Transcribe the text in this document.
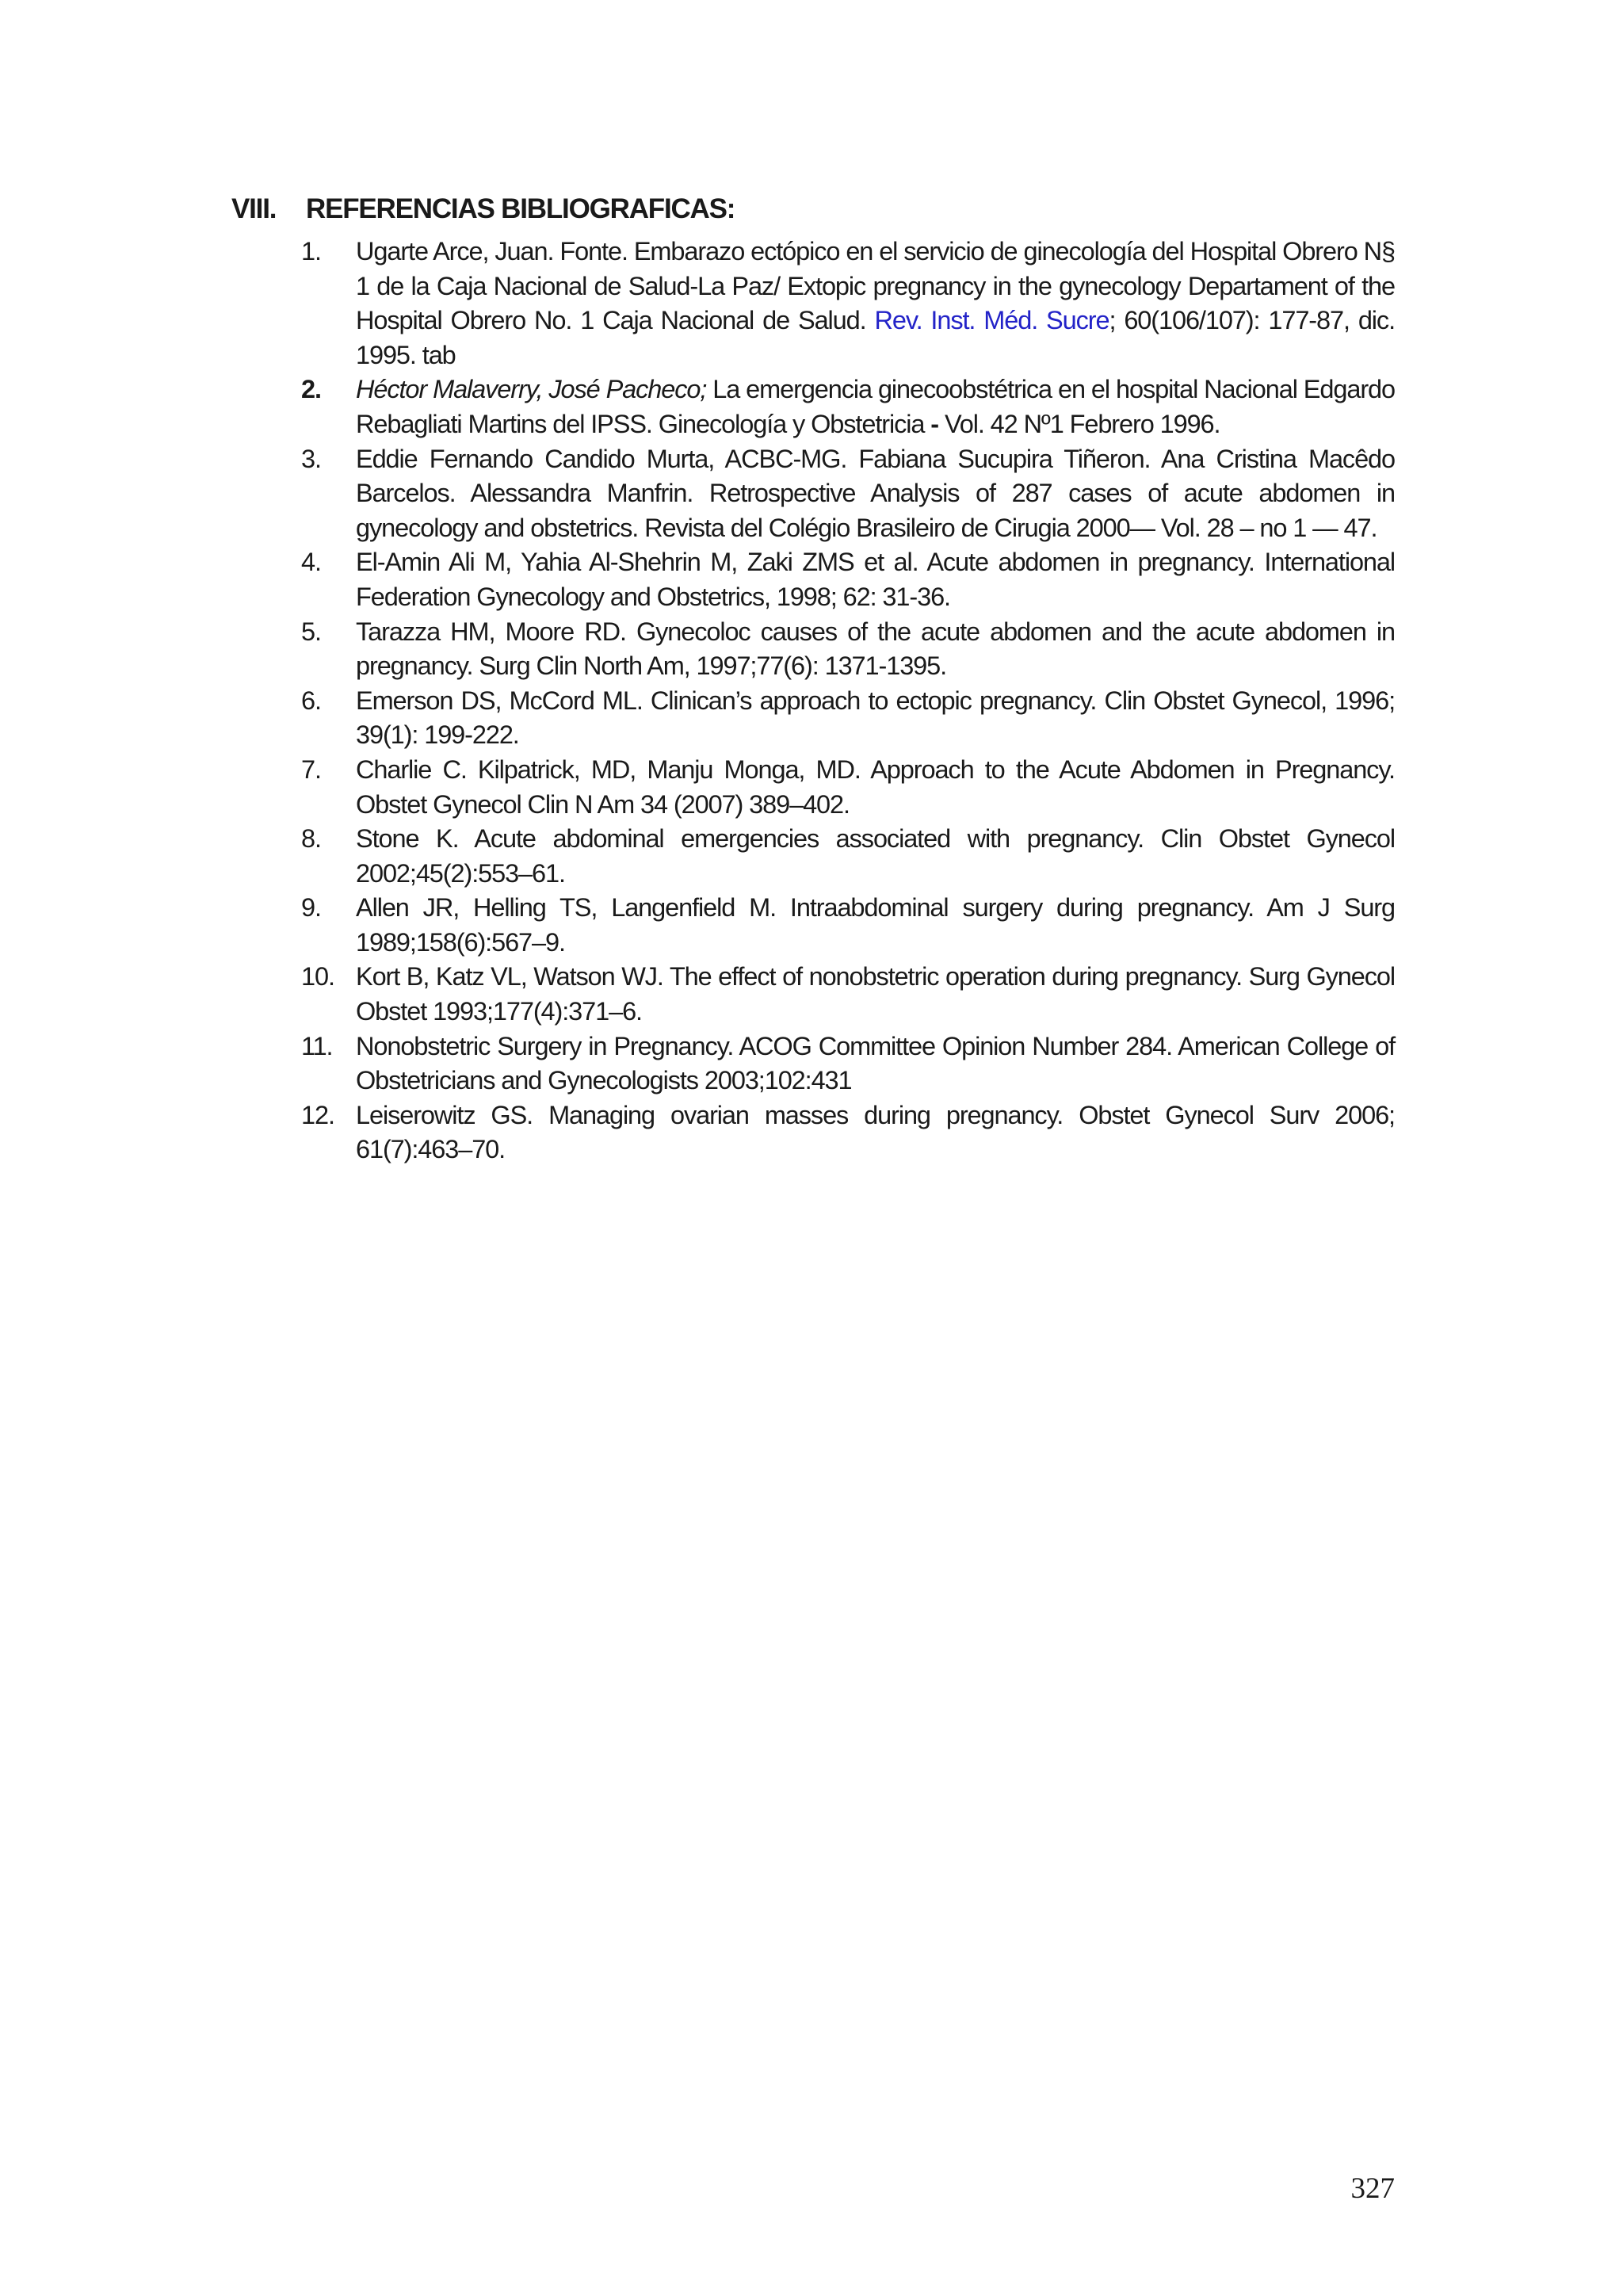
VIII. REFERENCIAS BIBLIOGRAFICAS:
1. Ugarte Arce, Juan. Fonte. Embarazo ectópico en el servicio de ginecología del Hospital Obrero N§ 1 de la Caja Nacional de Salud-La Paz/ Extopic pregnancy in the gynecology Departament of the Hospital Obrero No. 1 Caja Nacional de Salud. Rev. Inst. Méd. Sucre; 60(106/107): 177-87, dic. 1995. tab
2. Héctor Malaverry, José Pacheco; La emergencia ginecoobstétrica en el hospital Nacional Edgardo Rebagliati Martins del IPSS. Ginecología y Obstetricia - Vol. 42 Nº1 Febrero 1996.
3. Eddie Fernando Candido Murta, ACBC-MG. Fabiana Sucupira Tiñeron. Ana Cristina Macêdo Barcelos. Alessandra Manfrin. Retrospective Analysis of 287 cases of acute abdomen in gynecology and obstetrics. Revista del Colégio Brasileiro de Cirugia 2000— Vol. 28 – no 1 — 47.
4. El-Amin Ali M, Yahia Al-Shehrin M, Zaki ZMS et al. Acute abdomen in pregnancy. International Federation Gynecology and Obstetrics, 1998; 62: 31-36.
5. Tarazza HM, Moore RD. Gynecoloc causes of the acute abdomen and the acute abdomen in pregnancy. Surg Clin North Am, 1997;77(6): 1371-1395.
6. Emerson DS, McCord ML. Clinican’s approach to ectopic pregnancy. Clin Obstet Gynecol, 1996; 39(1): 199-222.
7. Charlie C. Kilpatrick, MD, Manju Monga, MD. Approach to the Acute Abdomen in Pregnancy. Obstet Gynecol Clin N Am 34 (2007) 389–402.
8. Stone K. Acute abdominal emergencies associated with pregnancy. Clin Obstet Gynecol 2002;45(2):553–61.
9. Allen JR, Helling TS, Langenfield M. Intraabdominal surgery during pregnancy. Am J Surg 1989;158(6):567–9.
10. Kort B, Katz VL, Watson WJ. The effect of nonobstetric operation during pregnancy. Surg Gynecol Obstet 1993;177(4):371–6.
11. Nonobstetric Surgery in Pregnancy. ACOG Committee Opinion Number 284. American College of Obstetricians and Gynecologists 2003;102:431
12. Leiserowitz GS. Managing ovarian masses during pregnancy. Obstet Gynecol Surv 2006; 61(7):463–70.
327
